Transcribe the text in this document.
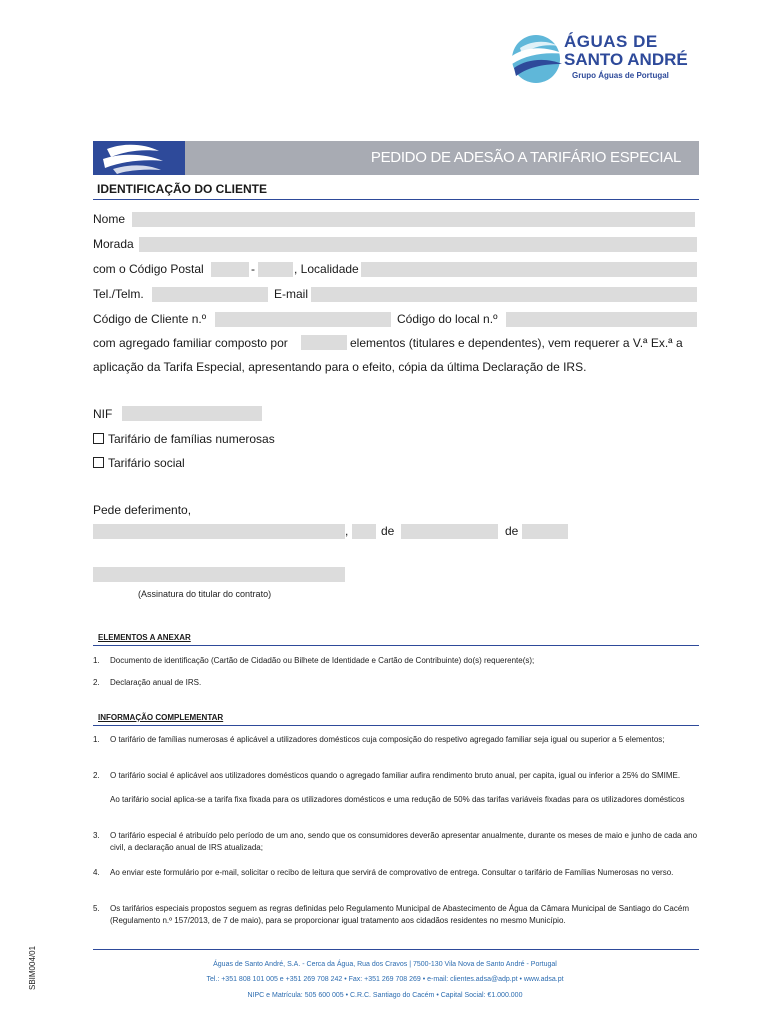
ÁGUAS DE
SANTO ANDRÉ
Grupo Águas de Portugal
PEDIDO DE ADESÃO A TARIFÁRIO ESPECIAL
IDENTIFICAÇÃO DO CLIENTE
Nome
Morada
com o Código Postal	-	, Localidade
Tel./Telm.	E-mail
Código de Cliente n.º	Código do local n.º
com agregado familiar composto por	elementos (titulares e dependentes), vem requerer a V.ª Ex.ª a
aplicação da Tarifa Especial, apresentando para o efeito, cópia da última Declaração de IRS.
NIF
Tarifário de famílias numerosas
Tarifário social
Pede deferimento,
,	de	de
(Assinatura do titular do contrato)
ELEMENTOS A ANEXAR
1. Documento de identificação (Cartão de Cidadão ou Bilhete de Identidade e Cartão de Contribuinte) do(s) requerente(s);
2. Declaração anual de IRS.
INFORMAÇÃO COMPLEMENTAR
1. O tarifário de famílias numerosas é aplicável a utilizadores domésticos cuja composição do respetivo agregado familiar seja igual ou superior a 5 elementos;
2. O tarifário social é aplicável aos utilizadores domésticos quando o agregado familiar aufira rendimento bruto anual, per capita, igual ou inferior a 25% do SMIME.
Ao tarifário social aplica-se a tarifa fixa fixada para os utilizadores domésticos e uma redução de 50% das tarifas variáveis fixadas para os utilizadores domésticos
3. O tarifário especial é atribuído pelo período de um ano, sendo que os consumidores deverão apresentar anualmente, durante os meses de maio e junho de cada ano civil, a declaração anual de IRS atualizada;
4. Ao enviar este formulário por e-mail, solicitar o recibo de leitura que servirá de comprovativo de entrega. Consultar o tarifário de Famílias Numerosas no verso.
5. Os tarifários especiais propostos seguem as regras definidas pelo Regulamento Municipal de Abastecimento de Água da Câmara Municipal de Santiago do Cacém (Regulamento n.º 157/2013, de 7 de maio), para se proporcionar igual tratamento aos cidadãos residentes no mesmo Município.
SBIM004/01	Águas de Santo André, S.A. - Cerca da Água, Rua dos Cravos | 7500-130 Vila Nova de Santo André - Portugal
Tel.: +351 808 101 005 e +351 269 708 242 • Fax: +351 269 708 269 • e-mail: clientes.adsa@adp.pt • www.adsa.pt
NIPC e Matrícula: 505 600 005 • C.R.C. Santiago do Cacém • Capital Social: €1.000.000
